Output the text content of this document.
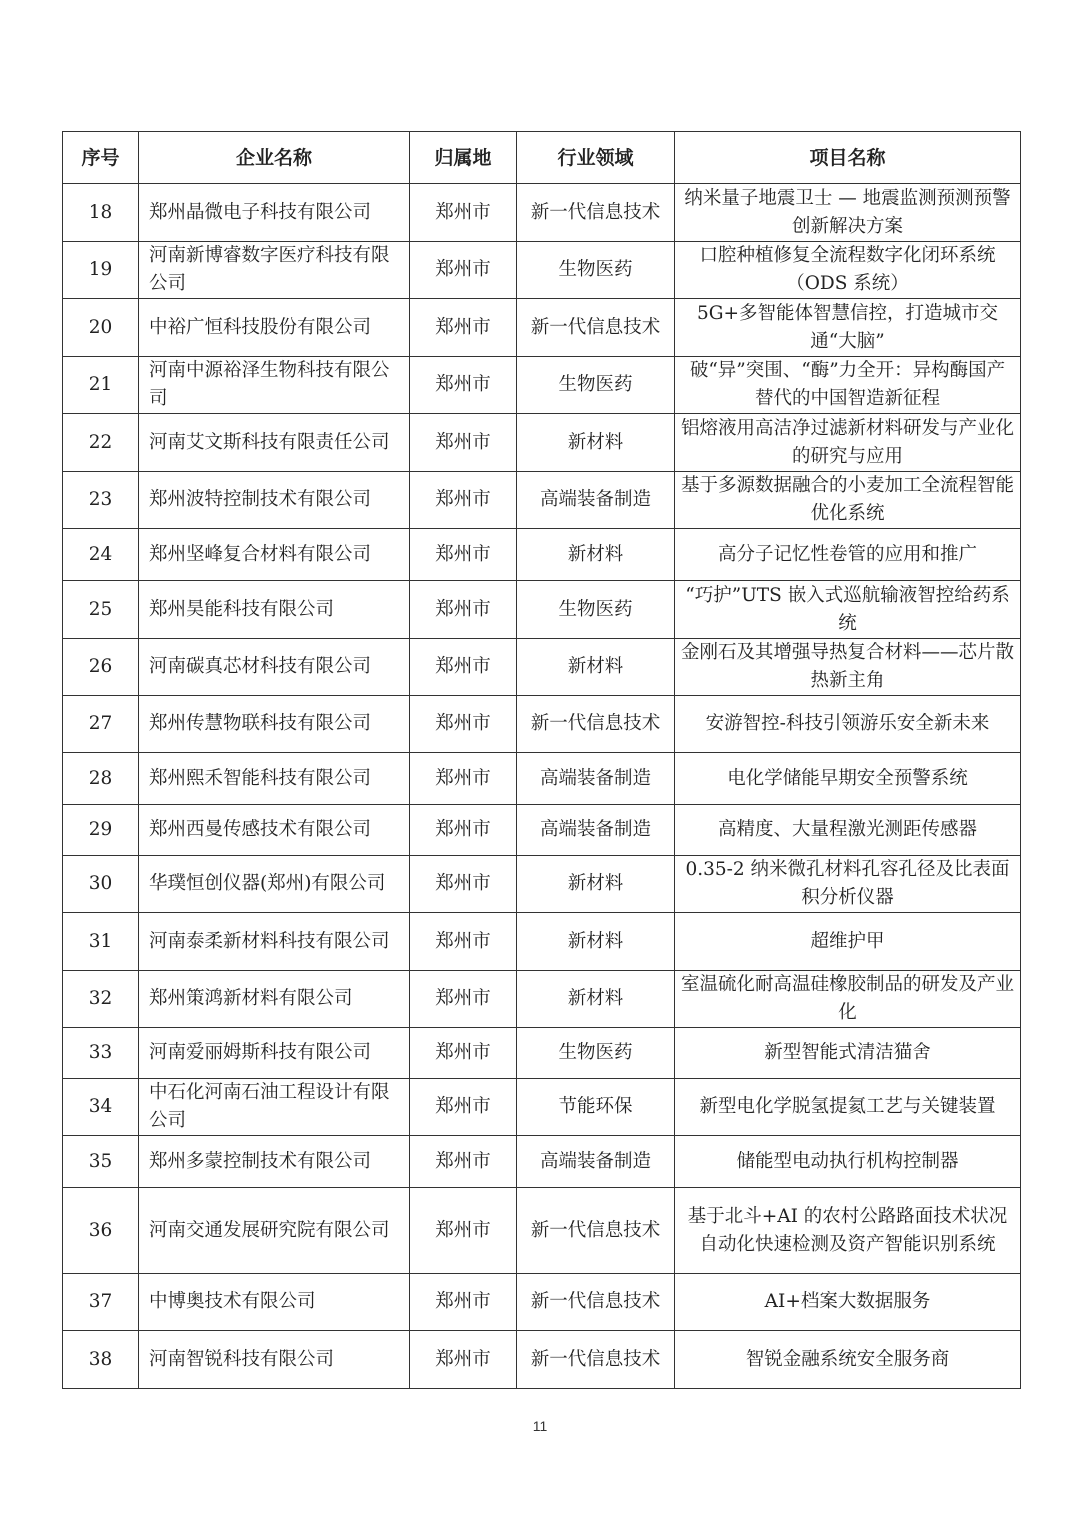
序号	企业名称	归属地	行业领域	项目名称
18	郑州晶微电子科技有限公司	郑州市	新一代信息技术	纳米量子地震卫士 — 地震监测预测预警创新解决方案
19	河南新博睿数字医疗科技有限公司	郑州市	生物医药	口腔种植修复全流程数字化闭环系统（ODS 系统）
20	中裕广恒科技股份有限公司	郑州市	新一代信息技术	5G+多智能体智慧信控，打造城市交通“大脑”
21	河南中源裕泽生物科技有限公司	郑州市	生物医药	破“异”突围、“酶”力全开：异构酶国产替代的中国智造新征程
22	河南艾文斯科技有限责任公司	郑州市	新材料	铝熔液用高洁净过滤新材料研发与产业化的研究与应用
23	郑州波特控制技术有限公司	郑州市	高端装备制造	基于多源数据融合的小麦加工全流程智能优化系统
24	郑州坚峰复合材料有限公司	郑州市	新材料	高分子记忆性卷管的应用和推广
25	郑州昊能科技有限公司	郑州市	生物医药	“巧护”UTS 嵌入式巡航输液智控给药系统
26	河南碳真芯材科技有限公司	郑州市	新材料	金刚石及其增强导热复合材料——芯片散热新主角
27	郑州传慧物联科技有限公司	郑州市	新一代信息技术	安游智控-科技引领游乐安全新未来
28	郑州熙禾智能科技有限公司	郑州市	高端装备制造	电化学储能早期安全预警系统
29	郑州西曼传感技术有限公司	郑州市	高端装备制造	高精度、大量程激光测距传感器
30	华璞恒创仪器(郑州)有限公司	郑州市	新材料	0.35-2 纳米微孔材料孔容孔径及比表面积分析仪器
31	河南泰柔新材料科技有限公司	郑州市	新材料	超维护甲
32	郑州策鸿新材料有限公司	郑州市	新材料	室温硫化耐高温硅橡胶制品的研发及产业化
33	河南爱丽姆斯科技有限公司	郑州市	生物医药	新型智能式清洁猫舍
34	中石化河南石油工程设计有限公司	郑州市	节能环保	新型电化学脱氢提氦工艺与关键装置
35	郑州多蒙控制技术有限公司	郑州市	高端装备制造	储能型电动执行机构控制器
36	河南交通发展研究院有限公司	郑州市	新一代信息技术	基于北斗+AI 的农村公路路面技术状况自动化快速检测及资产智能识别系统
37	中博奥技术有限公司	郑州市	新一代信息技术	AI+档案大数据服务
38	河南智锐科技有限公司	郑州市	新一代信息技术	智锐金融系统安全服务商
11
